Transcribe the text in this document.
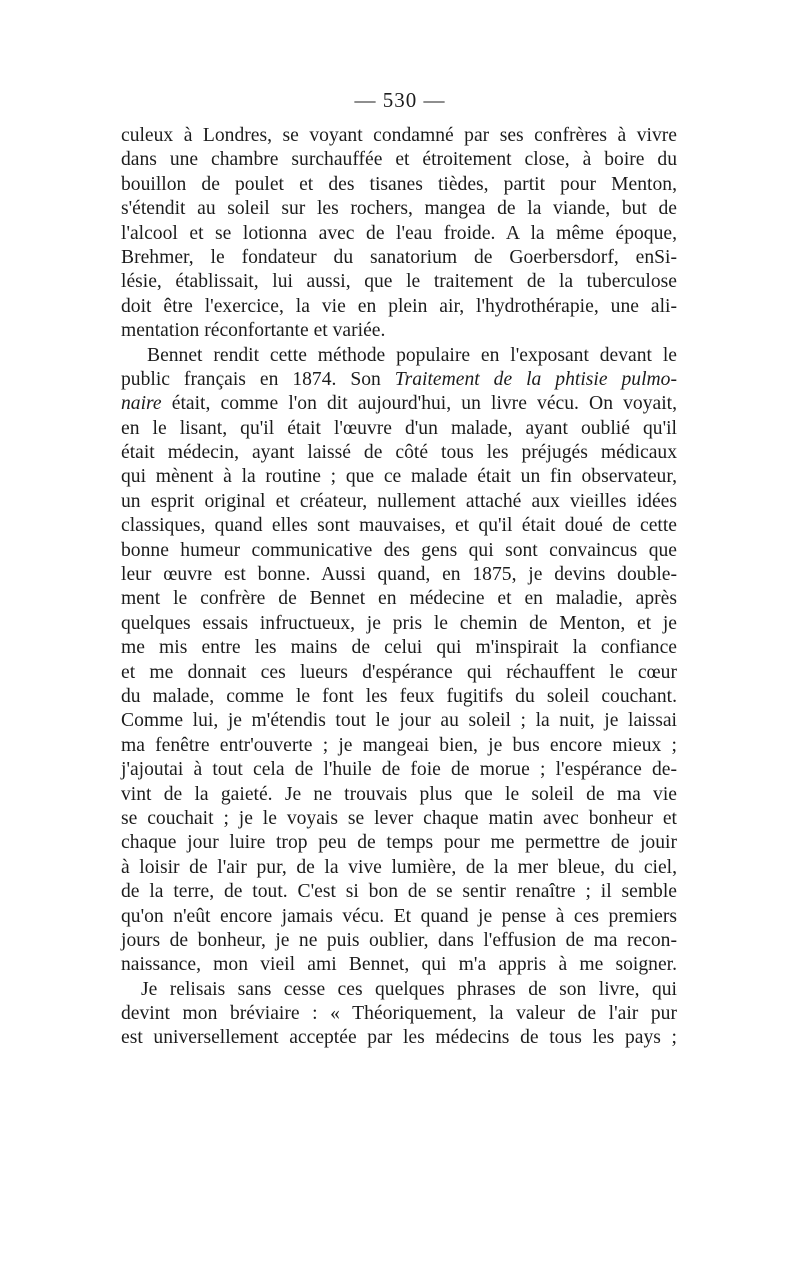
— 530 —
culeux à Londres, se voyant condamné par ses confrères à vivre
dans une chambre surchauffée et étroitement close, à boire du
bouillon de poulet et des tisanes tièdes, partit pour Menton,
s'étendit au soleil sur les rochers, mangea de la viande, but de
l'alcool et se lotionna avec de l'eau froide. A la même époque,
Brehmer, le fondateur du sanatorium de Goerbersdorf, enSi-
lésie, établissait, lui aussi, que le traitement de la tuberculose
doit être l'exercice, la vie en plein air, l'hydrothérapie, une ali-
mentation réconfortante et variée.
Bennet rendit cette méthode populaire en l'exposant devant le
public français en 1874. Son Traitement de la phtisie pulmo-
naire était, comme l'on dit aujourd'hui, un livre vécu. On voyait,
en le lisant, qu'il était l'œuvre d'un malade, ayant oublié qu'il
était médecin, ayant laissé de côté tous les préjugés médicaux
qui mènent à la routine ; que ce malade était un fin observateur,
un esprit original et créateur, nullement attaché aux vieilles idées
classiques, quand elles sont mauvaises, et qu'il était doué de cette
bonne humeur communicative des gens qui sont convaincus que
leur œuvre est bonne. Aussi quand, en 1875, je devins double-
ment le confrère de Bennet en médecine et en maladie, après
quelques essais infructueux, je pris le chemin de Menton, et je
me mis entre les mains de celui qui m'inspirait la confiance
et me donnait ces lueurs d'espérance qui réchauffent le cœur
du malade, comme le font les feux fugitifs du soleil couchant.
Comme lui, je m'étendis tout le jour au soleil ; la nuit, je laissai
ma fenêtre entr'ouverte ; je mangeai bien, je bus encore mieux ;
j'ajoutai à tout cela de l'huile de foie de morue ; l'espérance de-
vint de la gaieté. Je ne trouvais plus que le soleil de ma vie
se couchait ; je le voyais se lever chaque matin avec bonheur et
chaque jour luire trop peu de temps pour me permettre de jouir
à loisir de l'air pur, de la vive lumière, de la mer bleue, du ciel,
de la terre, de tout. C'est si bon de se sentir renaître ; il semble
qu'on n'eût encore jamais vécu. Et quand je pense à ces premiers
jours de bonheur, je ne puis oublier, dans l'effusion de ma recon-
naissance, mon vieil ami Bennet, qui m'a appris à me soigner.
Je relisais sans cesse ces quelques phrases de son livre, qui
devint mon bréviaire : « Théoriquement, la valeur de l'air pur
est universellement acceptée par les médecins de tous les pays ;
